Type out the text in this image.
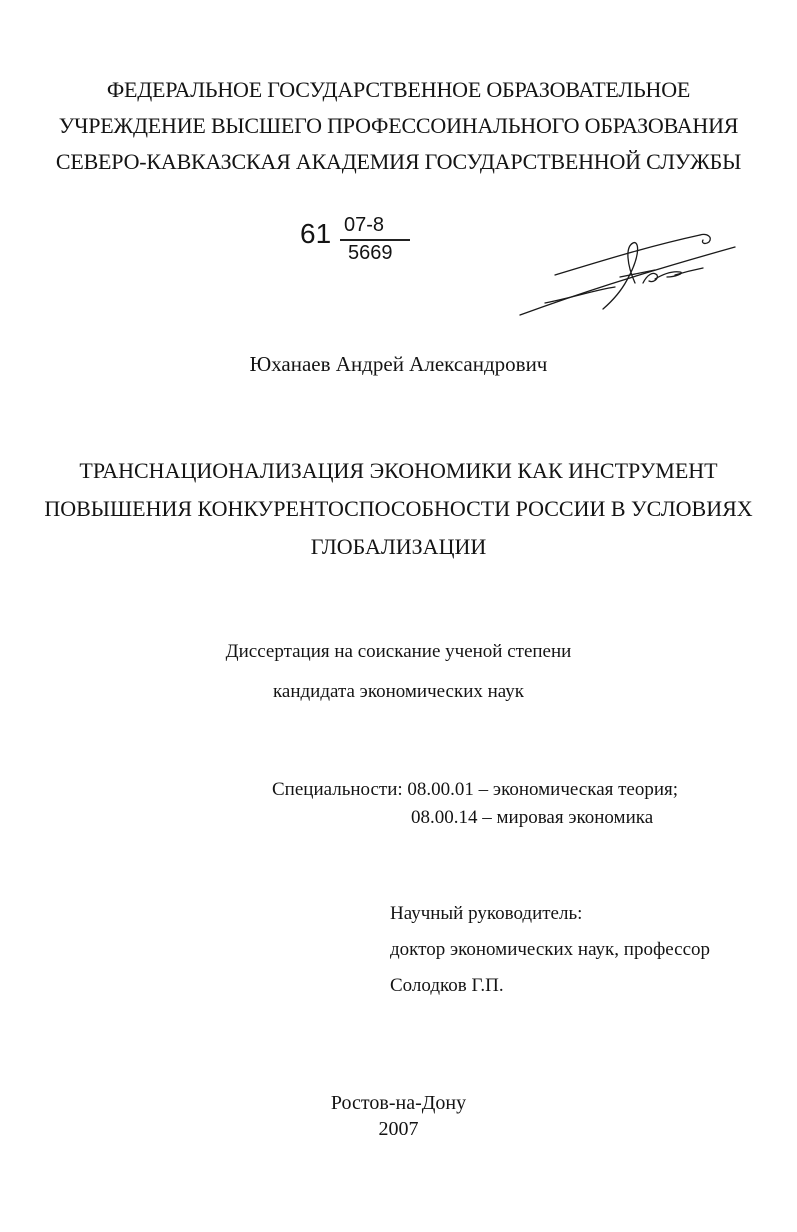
ФЕДЕРАЛЬНОЕ ГОСУДАРСТВЕННОЕ ОБРАЗОВАТЕЛЬНОЕ
УЧРЕЖДЕНИЕ ВЫСШЕГО ПРОФЕССОИНАЛЬНОГО ОБРАЗОВАНИЯ
СЕВЕРО-КАВКАЗСКАЯ АКАДЕМИЯ ГОСУДАРСТВЕННОЙ СЛУЖБЫ
61 07-8
5669
Юханаев Андрей Александрович
ТРАНСНАЦИОНАЛИЗАЦИЯ ЭКОНОМИКИ КАК ИНСТРУМЕНТ
ПОВЫШЕНИЯ КОНКУРЕНТОСПОСОБНОСТИ РОССИИ В УСЛОВИЯХ
ГЛОБАЛИЗАЦИИ
Диссертация на соискание ученой степени
кандидата экономических наук
Специальности: 08.00.01 – экономическая теория;
08.00.14 – мировая экономика
Научный руководитель:
доктор экономических наук, профессор
Солодков Г.П.
Ростов-на-Дону
2007
